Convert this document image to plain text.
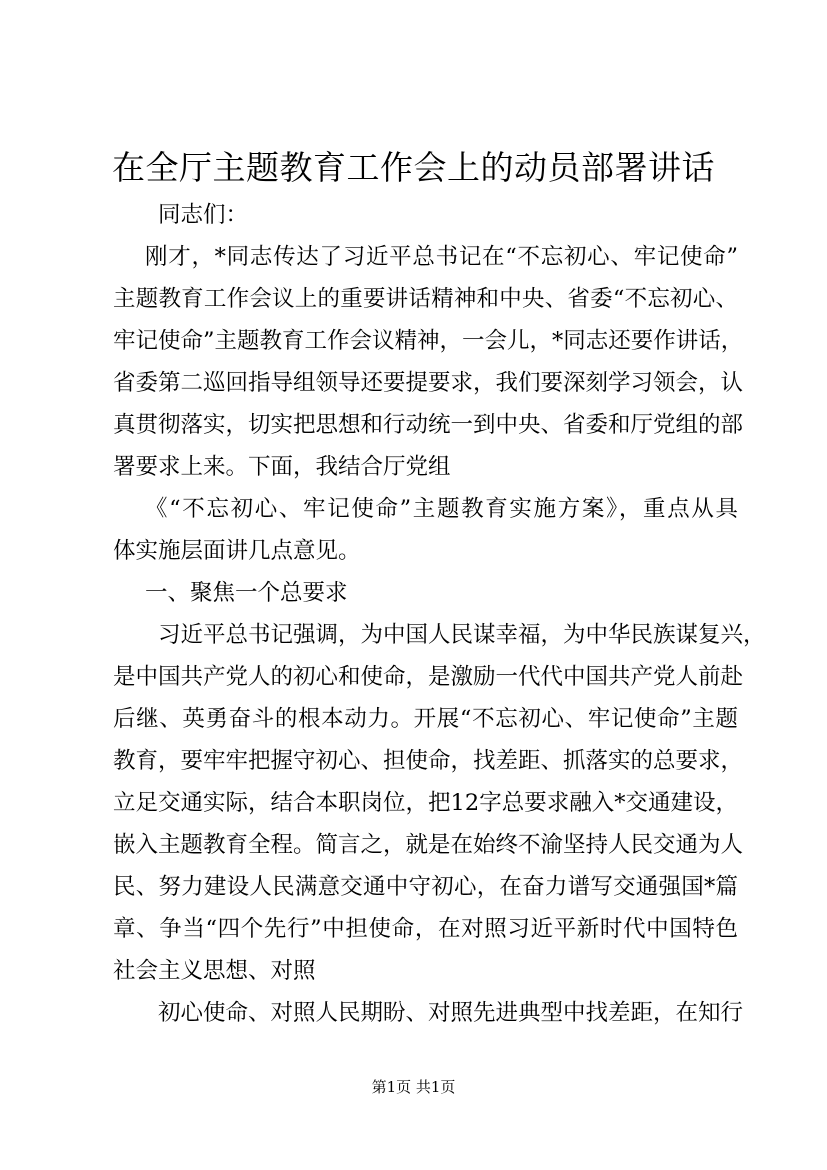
在全厅主题教育工作会上的动员部署讲话
同志们：
刚才，*同志传达了习近平总书记在“不忘初心、牢记使命”
主题教育工作会议上的重要讲话精神和中央、省委“不忘初心、
牢记使命”主题教育工作会议精神，一会儿，*同志还要作讲话，
省委第二巡回指导组领导还要提要求，我们要深刻学习领会，认
真贯彻落实，切实把思想和行动统一到中央、省委和厅党组的部
署要求上来。下面，我结合厅党组
《“不忘初心、牢记使命”主题教育实施方案》，重点从具
体实施层面讲几点意见。
一、聚焦一个总要求
习近平总书记强调，为中国人民谋幸福，为中华民族谋复兴，
是中国共产党人的初心和使命，是激励一代代中国共产党人前赴
后继、英勇奋斗的根本动力。开展“不忘初心、牢记使命”主题
教育，要牢牢把握守初心、担使命，找差距、抓落实的总要求，
立足交通实际，结合本职岗位，把12字总要求融入*交通建设，
嵌入主题教育全程。简言之，就是在始终不渝坚持人民交通为人
民、努力建设人民满意交通中守初心，在奋力谱写交通强国*篇
章、争当“四个先行”中担使命，在对照习近平新时代中国特色
社会主义思想、对照
初心使命、对照人民期盼、对照先进典型中找差距，在知行
第1页 共1页
